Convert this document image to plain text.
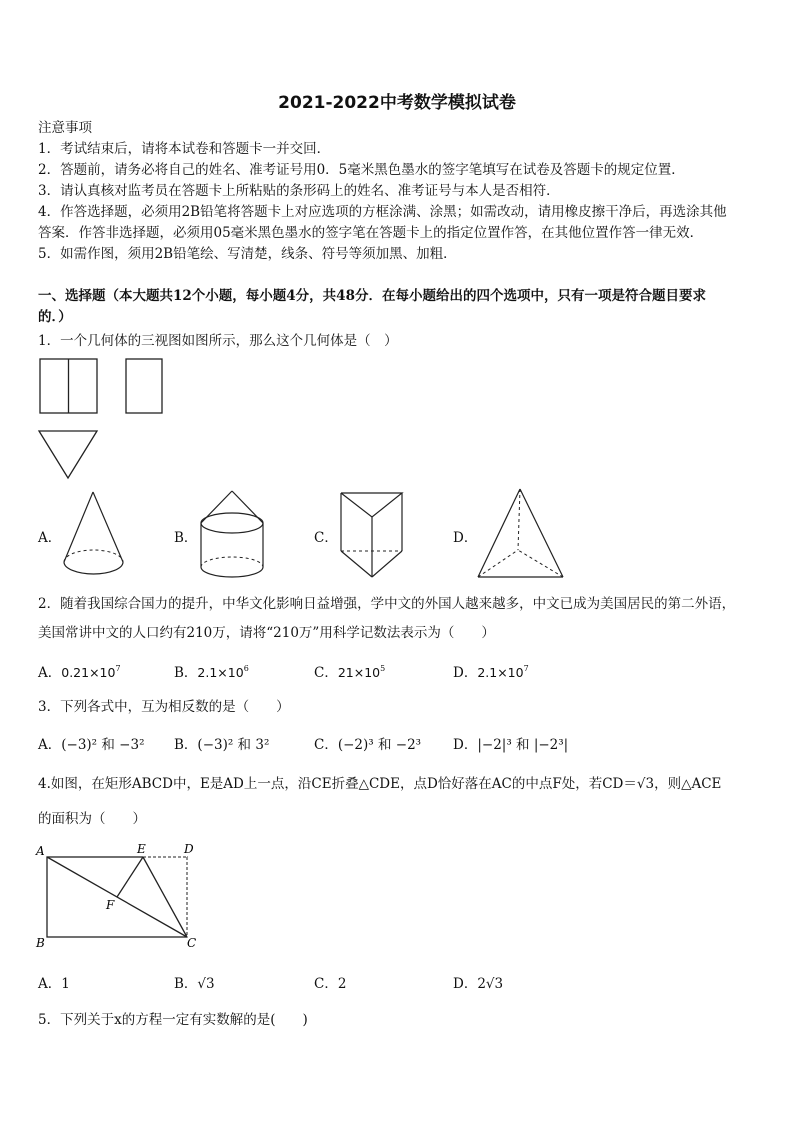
2021-2022中考数学模拟试卷
注意事项
1．考试结束后，请将本试卷和答题卡一并交回．
2．答题前，请务必将自己的姓名、准考证号用0．5毫米黑色墨水的签字笔填写在试卷及答题卡的规定位置．
3．请认真核对监考员在答题卡上所粘贴的条形码上的姓名、准考证号与本人是否相符．
4．作答选择题，必须用2B铅笔将答题卡上对应选项的方框涂满、涂黑；如需改动，请用橡皮擦干净后，再选涂其他
答案．作答非选择题，必须用05毫米黑色墨水的签字笔在答题卡上的指定位置作答，在其他位置作答一律无效．
5．如需作图，须用2B铅笔绘、写清楚，线条、符号等须加黑、加粗．
一、选择题（本大题共12个小题，每小题4分，共48分．在每小题给出的四个选项中，只有一项是符合题目要求
的．）
1．一个几何体的三视图如图所示，那么这个几何体是（　）
A．	B．	C．	D．
2．随着我国综合国力的提升，中华文化影响日益增强，学中文的外国人越来越多，中文已成为美国居民的第二外语，
美国常讲中文的人口约有210万，请将“210万”用科学记数法表示为（　　）
A．$0.21\times 10^7$	B．$2.1\times 10^6$	C．$21\times 10^5$	D．$2.1\times 10^7$
3．下列各式中，互为相反数的是（　　）
A．(−3)² 和 −3² B．(−3)² 和 3²	C．(−2)³ 和 −2³ D．|−2|³ 和 |−2³|
4.如图，在矩形ABCD中，E是AD上一点，沿CE折叠△CDE，点D恰好落在AC的中点F处，若CD＝√3，则△ACE
的面积为（　　）
A
B	C
D
E
F
A．1	B．√3	C．2	D．2√3
5．下列关于x的方程一定有实数解的是(　　)
